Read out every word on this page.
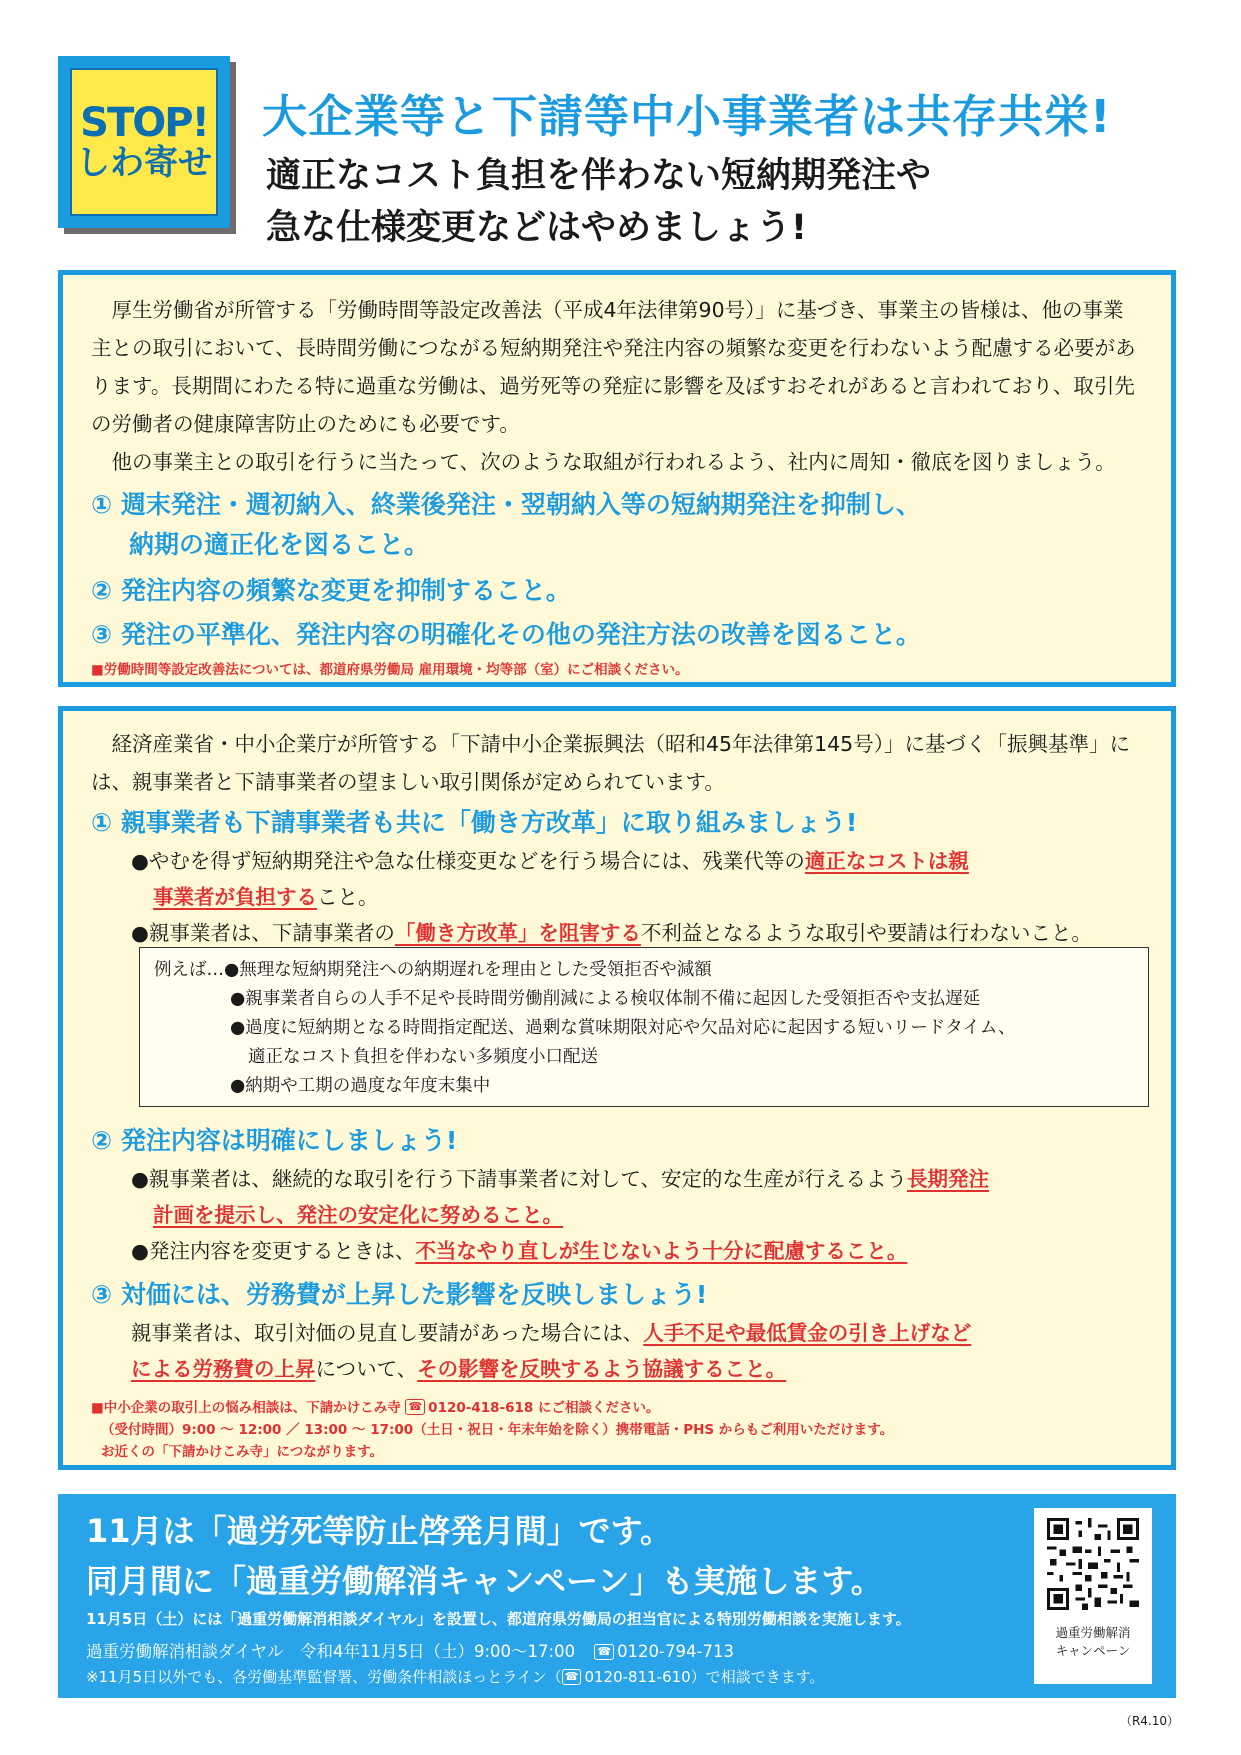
STOP!
しわ寄せ
大企業等と下請等中小事業者は共存共栄!
適正なコスト負担を伴わない短納期発注や
急な仕様変更などはやめましょう!

厚生労働省が所管する「労働時間等設定改善法（平成4年法律第90号）」に基づき、事業主の皆様は、他の事業主との取引において、長時間労働につながる短納期発注や発注内容の頻繁な変更を行わないよう配慮する必要があります。長期間にわたる特に過重な労働は、過労死等の発症に影響を及ぼすおそれがあると言われており、取引先の労働者の健康障害防止のためにも必要です。

他の事業主との取引を行うに当たって、次のような取組が行われるよう、社内に周知・徹底を図りましょう。

① 週末発注・週初納入、終業後発注・翌朝納入等の短納期発注を抑制し、

納期の適正化を図ること。

② 発注内容の頻繁な変更を抑制すること。

③ 発注の平準化、発注内容の明確化その他の発注方法の改善を図ること。

■労働時間等設定改善法については、都道府県労働局 雇用環境・均等部（室）にご相談ください。

経済産業省・中小企業庁が所管する「下請中小企業振興法（昭和45年法律第145号）」に基づく「振興基準」には、親事業者と下請事業者の望ましい取引関係が定められています。

① 親事業者も下請事業者も共に「働き方改革」に取り組みましょう!

●やむを得ず短納期発注や急な仕様変更などを行う場合には、残業代等の適正なコストは親

事業者が負担すること。

●親事業者は、下請事業者の「働き方改革」を阻害する不利益となるような取引や要請は行わないこと。

例えば…●無理な短納期発注への納期遅れを理由とした受領拒否や減額

●親事業者自らの人手不足や長時間労働削減による検収体制不備に起因した受領拒否や支払遅延

●過度に短納期となる時間指定配送、過剰な賞味期限対応や欠品対応に起因する短いリードタイム、

適正なコスト負担を伴わない多頻度小口配送

●納期や工期の過度な年度末集中

② 発注内容は明確にしましょう!

●親事業者は、継続的な取引を行う下請事業者に対して、安定的な生産が行えるよう長期発注

計画を提示し、発注の安定化に努めること。

●発注内容を変更するときは、不当なやり直しが生じないよう十分に配慮すること。

③ 対価には、労務費が上昇した影響を反映しましょう!

親事業者は、取引対価の見直し要請があった場合には、人手不足や最低賃金の引き上げなど

による労務費の上昇について、その影響を反映するよう協議すること。

■中小企業の取引上の悩み相談は、下請かけこみ寺 ☎ 0120-418-618 にご相談ください。

（受付時間）9:00 ～ 12:00 ／ 13:00 ～ 17:00（土日・祝日・年末年始を除く）携帯電話・PHS からもご利用いただけます。

お近くの「下請かけこみ寺」につながります。

11月は「過労死等防止啓発月間」です。
同月間に「過重労働解消キャンペーン」も実施します。
11月5日（土）には「過重労働解消相談ダイヤル」を設置し、都道府県労働局の担当官による特別労働相談を実施します。
過重労働解消相談ダイヤル　令和4年11月5日（土）9:00～17:00 ☎ 0120-794-713
※11月5日以外でも、各労働基準監督署、労働条件相談ほっとライン（ ☎ 0120-811-610）で相談できます。
過重労働解消
キャンペーン
（R4.10）
